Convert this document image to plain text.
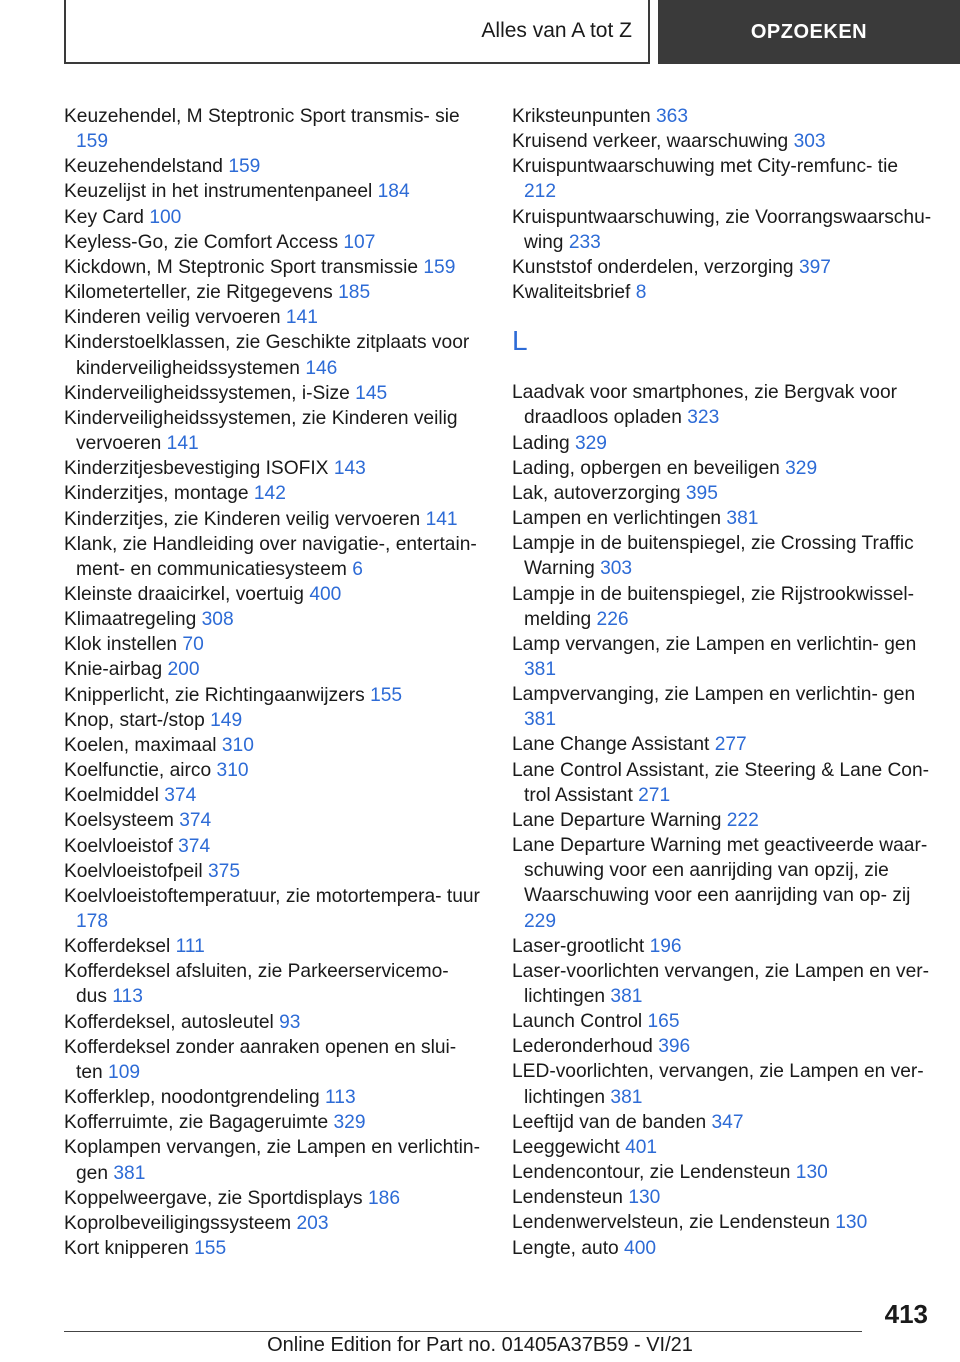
Alles van A tot Z	OPZOEKEN

Keuzehendel, M Steptronic Sport transmis- sie 159

Keuzehendelstand 159

Keuzelijst in het instrumentenpaneel 184

Key Card 100

Keyless-Go, zie Comfort Access 107

Kickdown, M Steptronic Sport transmissie 159

Kilometerteller, zie Ritgegevens 185

Kinderen veilig vervoeren 141

Kinderstoelklassen, zie Geschikte zitplaats voor kinderveiligheidssystemen 146

Kinderveiligheidssystemen, i-Size 145

Kinderveiligheidssystemen, zie Kinderen veilig vervoeren 141

Kinderzitjesbevestiging ISOFIX 143

Kinderzitjes, montage 142

Kinderzitjes, zie Kinderen veilig vervoeren 141

Klank, zie Handleiding over navigatie-, entertain- ment- en communicatiesysteem 6

Kleinste draaicirkel, voertuig 400

Klimaatregeling 308

Klok instellen 70

Knie-airbag 200

Knipperlicht, zie Richtingaanwijzers 155

Knop, start-/stop 149

Koelen, maximaal 310

Koelfunctie, airco 310

Koelmiddel 374

Koelsysteem 374

Koelvloeistof 374

Koelvloeistofpeil 375

Koelvloeistoftemperatuur, zie motortempera- tuur 178

Kofferdeksel 111

Kofferdeksel afsluiten, zie Parkeerservicemo- dus 113

Kofferdeksel, autosleutel 93

Kofferdeksel zonder aanraken openen en slui- ten 109

Kofferklep, noodontgrendeling 113

Kofferruimte, zie Bagageruimte 329

Koplampen vervangen, zie Lampen en verlichtin- gen 381

Koppelweergave, zie Sportdisplays 186

Koprolbeveiligingssysteem 203

Kort knipperen 155

Kriksteunpunten 363

Kruisend verkeer, waarschuwing 303

Kruispuntwaarschuwing met City-remfunc- tie 212

Kruispuntwaarschuwing, zie Voorrangswaarschu- wing 233

Kunststof onderdelen, verzorging 397

Kwaliteitsbrief 8

L

Laadvak voor smartphones, zie Bergvak voor draadloos opladen 323

Lading 329

Lading, opbergen en beveiligen 329

Lak, autoverzorging 395

Lampen en verlichtingen 381

Lampje in de buitenspiegel, zie Crossing Traffic Warning 303

Lampje in de buitenspiegel, zie Rijstrookwissel- melding 226

Lamp vervangen, zie Lampen en verlichtin- gen 381

Lampvervanging, zie Lampen en verlichtin- gen 381

Lane Change Assistant 277

Lane Control Assistant, zie Steering & Lane Con- trol Assistant 271

Lane Departure Warning 222

Lane Departure Warning met geactiveerde waar- schuwing voor een aanrijding van opzij, zie Waarschuwing voor een aanrijding van op- zij 229

Laser-grootlicht 196

Laser-voorlichten vervangen, zie Lampen en ver- lichtingen 381

Launch Control 165

Lederonderhoud 396

LED-voorlichten, vervangen, zie Lampen en ver- lichtingen 381

Leeftijd van de banden 347

Leeggewicht 401

Lendencontour, zie Lendensteun 130

Lendensteun 130

Lendenwervelsteun, zie Lendensteun 130

Lengte, auto 400

413
Online Edition for Part no. 01405A37B59 - VI/21
